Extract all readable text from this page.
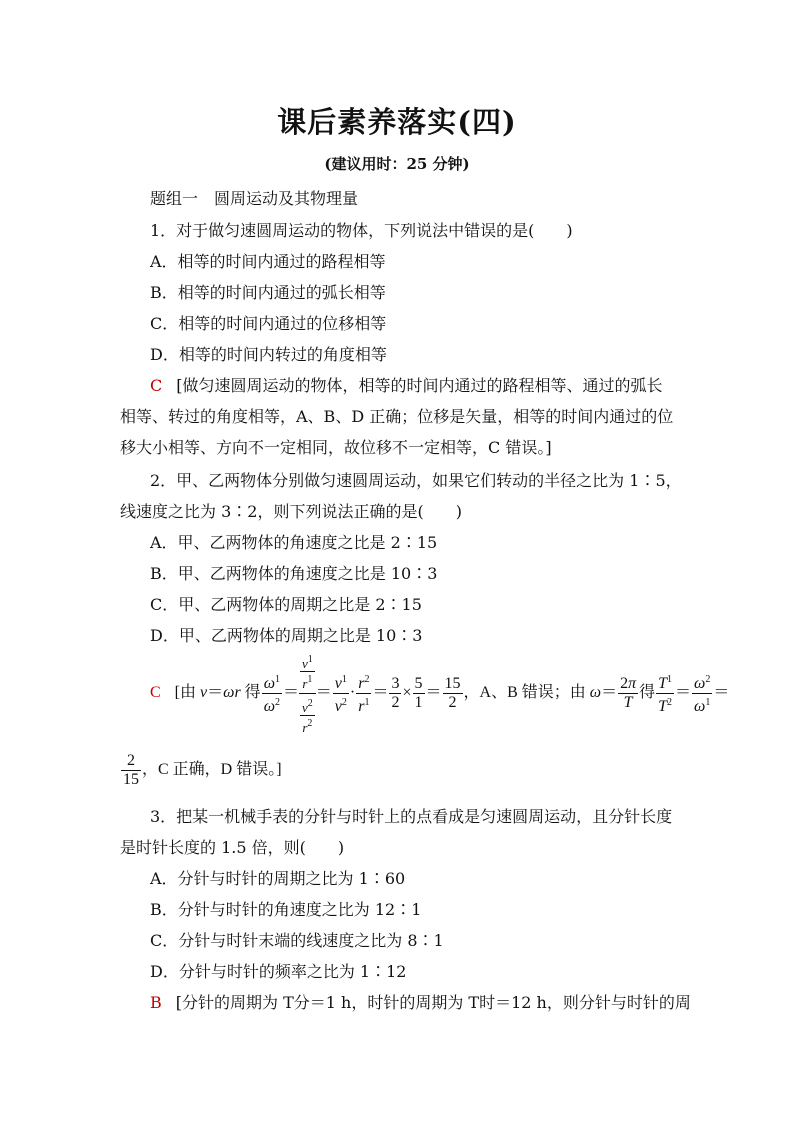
课后素养落实(四)
(建议用时：25 分钟)
题组一　圆周运动及其物理量
1．对于做匀速圆周运动的物体，下列说法中错误的是(　　)
A．相等的时间内通过的路程相等
B．相等的时间内通过的弧长相等
C．相等的时间内通过的位移相等
D．相等的时间内转过的角度相等
C [做匀速圆周运动的物体，相等的时间内通过的路程相等、通过的弧长
相等、转过的角度相等，A、B、D 正确；位移是矢量，相等的时间内通过的位
移大小相等、方向不一定相同，故位移不一定相等，C 错误。]
2．甲、乙两物体分别做匀速圆周运动，如果它们转动的半径之比为 1∶5，
线速度之比为 3∶2，则下列说法正确的是(　　)
A．甲、乙两物体的角速度之比是 2∶15
B．甲、乙两物体的角速度之比是 10∶3
C．甲、乙两物体的周期之比是 2∶15
D．甲、乙两物体的周期之比是 10∶3
C [由 v＝ωr 得 $\frac{\omega^1}{\omega^2} = \frac{\frac{v^1}{r^1}}{\frac{v^2}{r^2}} = \frac{v^1}{v^2} \cdot \frac{r^2}{r^1} = \frac{3}{2} \times \frac{5}{1} = \frac{15}{2}$ ，A、B 错误；由 $\omega= \frac{2\pi}{T}$ 得 $\frac{T^1}{T^2} = \frac{\omega^2}{\omega^1}$ ＝
$\frac{2}{15}$ ，C 正确，D 错误。]
3．把某一机械手表的分针与时针上的点看成是匀速圆周运动，且分针长度
是时针长度的 1.5 倍，则(　　)
A．分针与时针的周期之比为 1∶60
B．分针与时针的角速度之比为 12∶1
C．分针与时针末端的线速度之比为 8∶1
D．分针与时针的频率之比为 1∶12
B [分针的周期为 T分＝1 h，时针的周期为 T时＝12 h，则分针与时针的周
